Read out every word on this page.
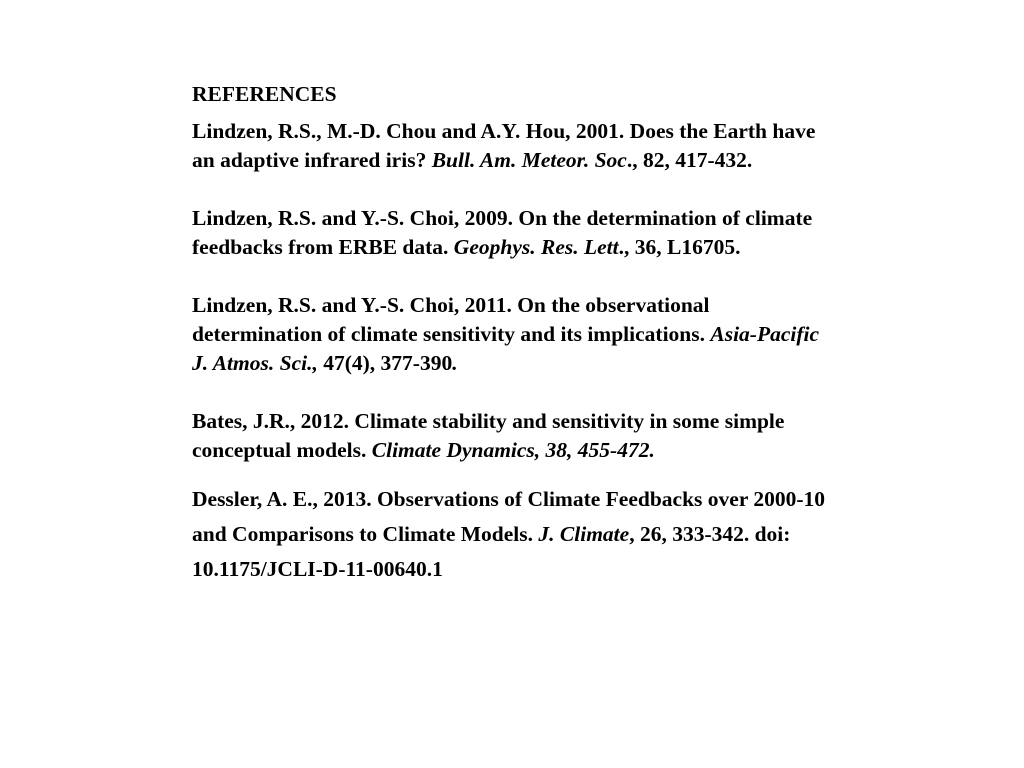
REFERENCES

Lindzen, R.S., M.-D. Chou and A.Y. Hou, 2001. Does the Earth have an adaptive infrared iris? Bull. Am. Meteor. Soc., 82, 417-432.

Lindzen, R.S. and Y.-S. Choi, 2009. On the determination of climate feedbacks from ERBE data. Geophys. Res. Lett., 36, L16705.

Lindzen, R.S. and Y.-S. Choi, 2011. On the observational determination of climate sensitivity and its implications. Asia-Pacific J. Atmos. Sci., 47(4), 377-390.

Bates, J.R., 2012. Climate stability and sensitivity in some simple conceptual models. Climate Dynamics, 38, 455-472.

Dessler, A. E., 2013. Observations of Climate Feedbacks over 2000-10 and Comparisons to Climate Models. J. Climate, 26, 333-342. doi: 10.1175/JCLI-D-11-00640.1
